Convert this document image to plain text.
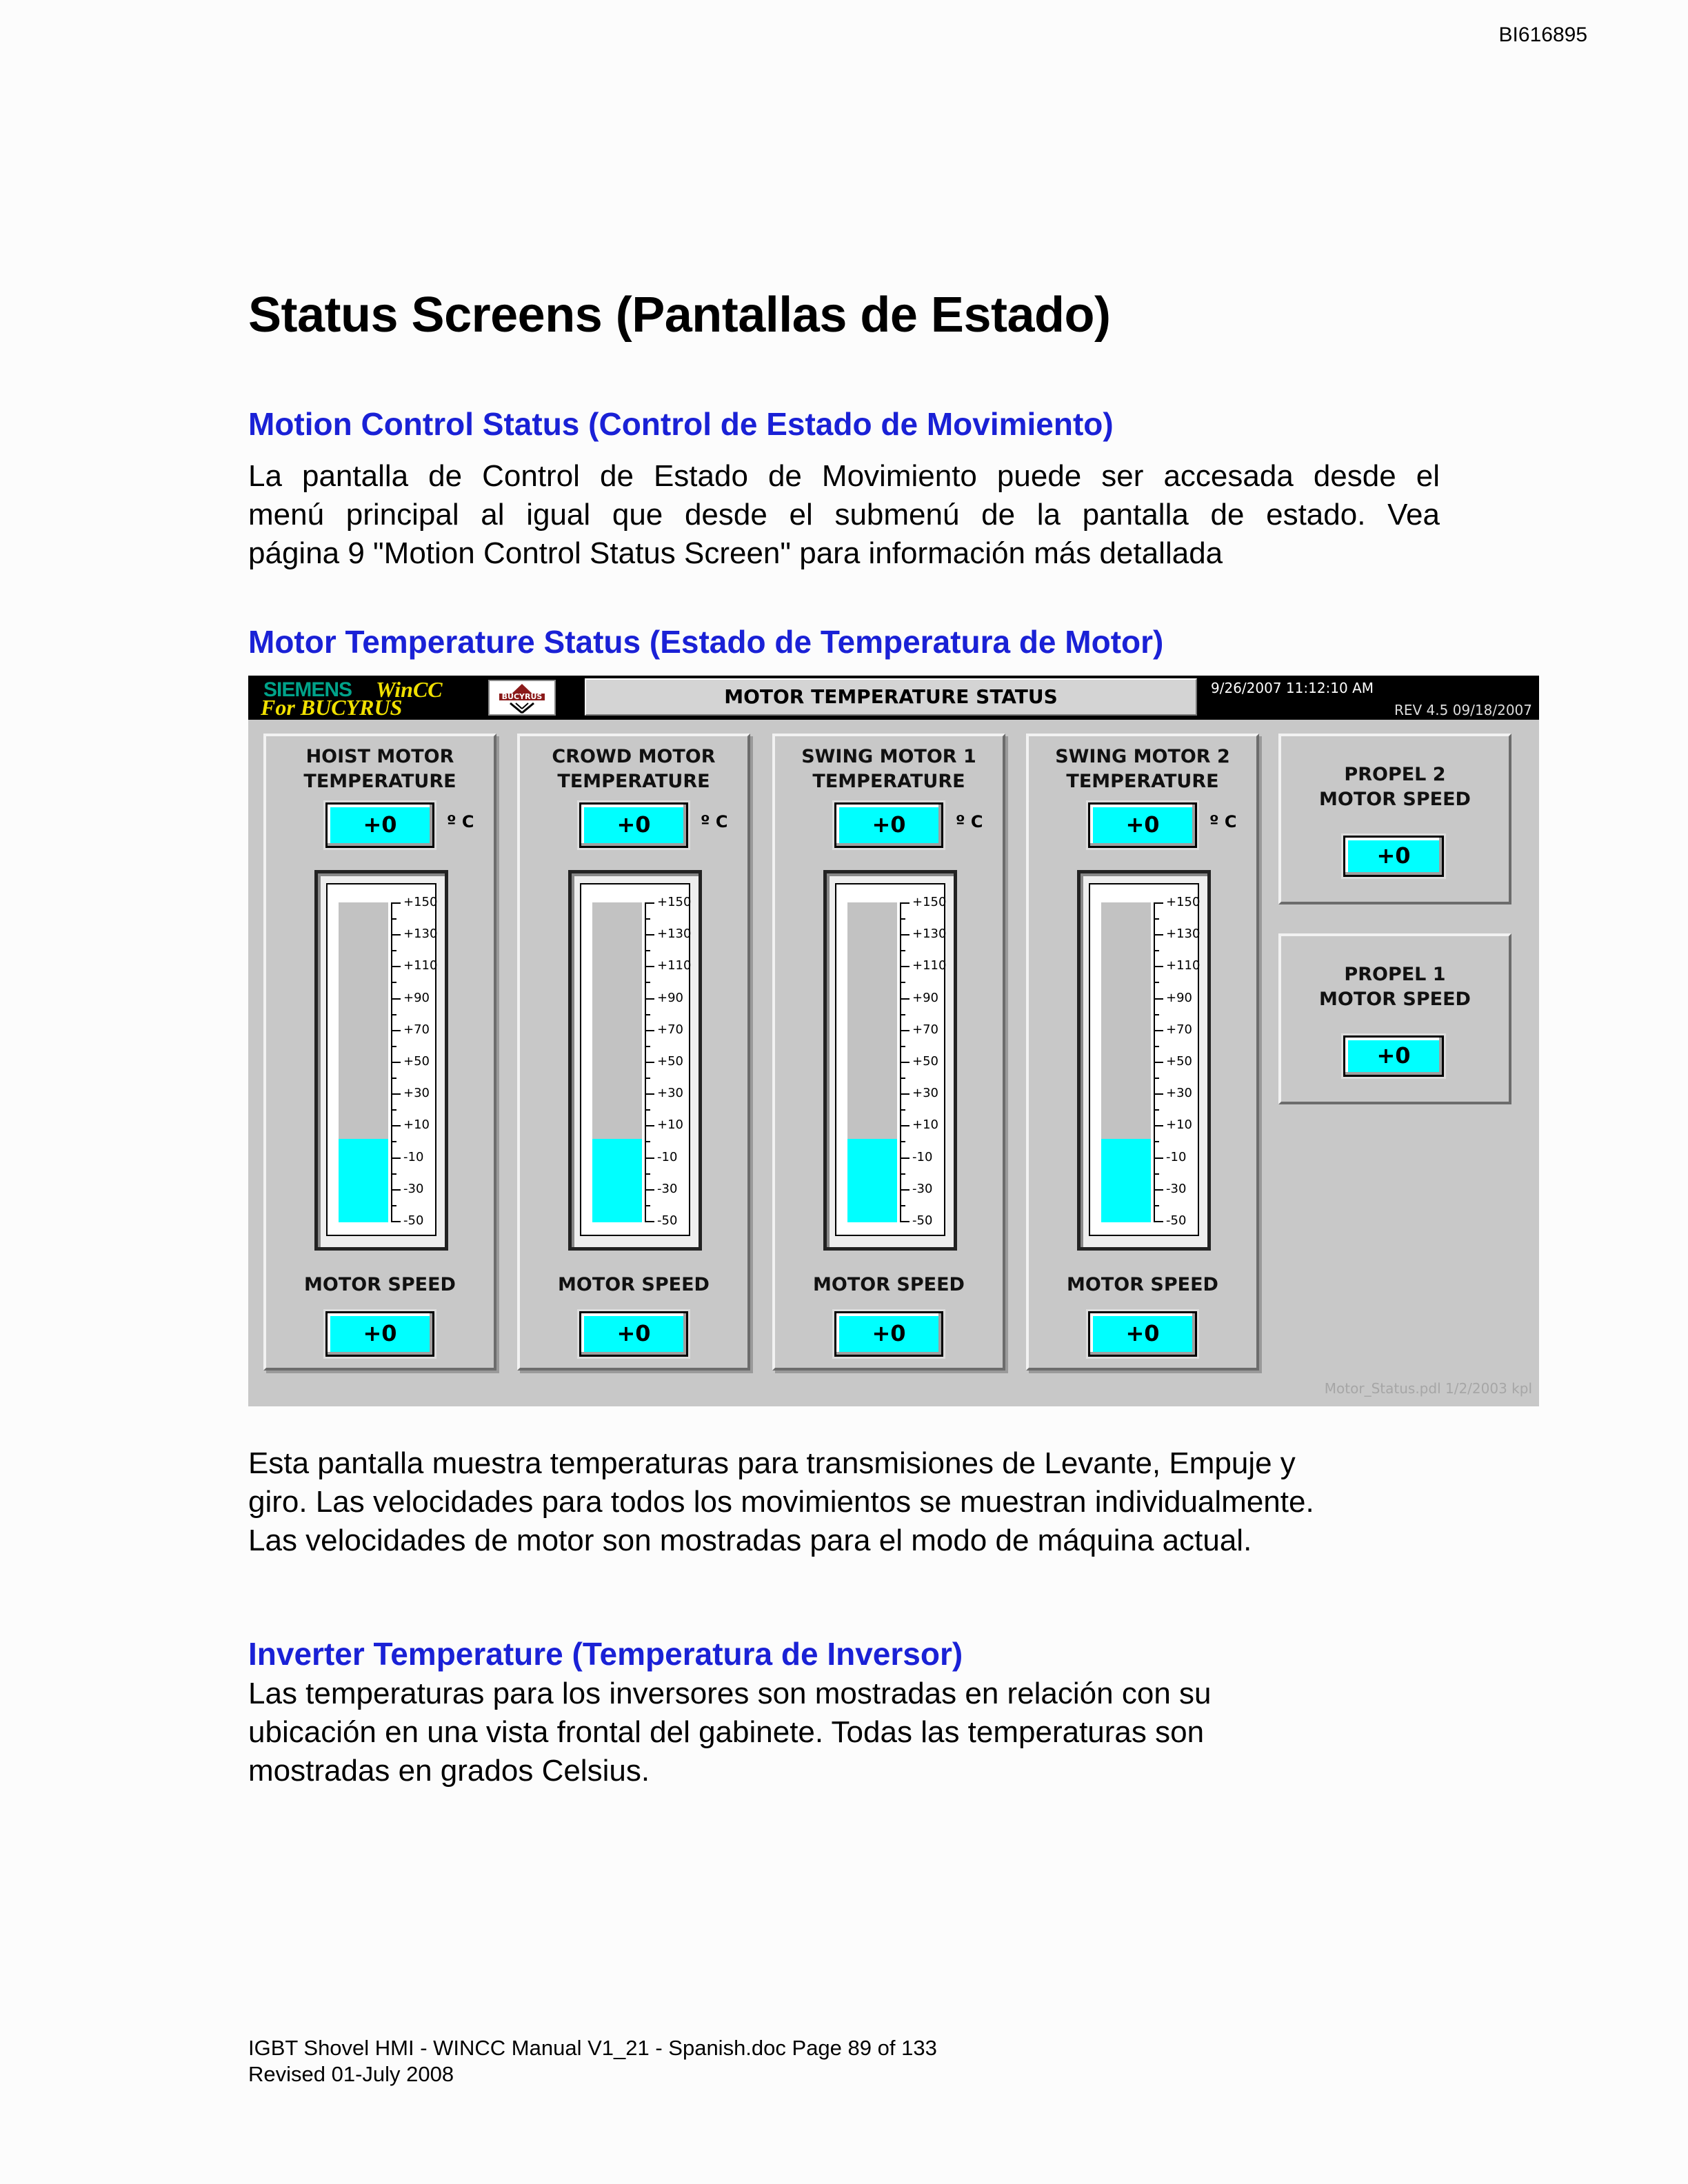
BI616895
Status Screens (Pantallas de Estado)
Motion Control Status (Control de Estado de Movimiento)
La pantalla de Control de Estado de Movimiento puede ser accesada desde el
menú principal al igual que desde el submenú de la pantalla de estado. Vea
página 9 "Motion Control Status Screen" para información más detallada
Motor Temperature Status (Estado de Temperatura de Motor)
SIEMENS WinCC
For BUCYRUS	BUCYRUS	MOTOR TEMPERATURE STATUS	9/26/2007 11:12:10 AM
REV 4.5 09/18/2007
HOIST MOTOR
TEMPERATURE
+0	º C
+150
+130
+110
+90
+70
+50
+30
+10
-10
-30
-50
MOTOR SPEED
+0
CROWD MOTOR
TEMPERATURE
+0	º C
+150
+130
+110
+90
+70
+50
+30
+10
-10
-30
-50
MOTOR SPEED
+0
SWING MOTOR 1
TEMPERATURE
+0	º C
+150
+130
+110
+90
+70
+50
+30
+10
-10
-30
-50
MOTOR SPEED
+0
SWING MOTOR 2
TEMPERATURE
+0	º C
+150
+130
+110
+90
+70
+50
+30
+10
-10
-30
-50
MOTOR SPEED
+0
PROPEL 2
MOTOR SPEED
+0
PROPEL 1
MOTOR SPEED
+0
Motor_Status.pdl 1/2/2003 kpl
Esta pantalla muestra temperaturas para transmisiones de Levante, Empuje y
giro. Las velocidades para todos los movimientos se muestran individualmente.
Las velocidades de motor son mostradas para el modo de máquina actual.
Inverter Temperature (Temperatura de Inversor)
Las temperaturas para los inversores son mostradas en relación con su
ubicación en una vista frontal del gabinete. Todas las temperaturas son
mostradas en grados Celsius.
IGBT Shovel HMI - WINCC Manual V1_21 - Spanish.doc Page 89 of 133
Revised 01-July 2008
